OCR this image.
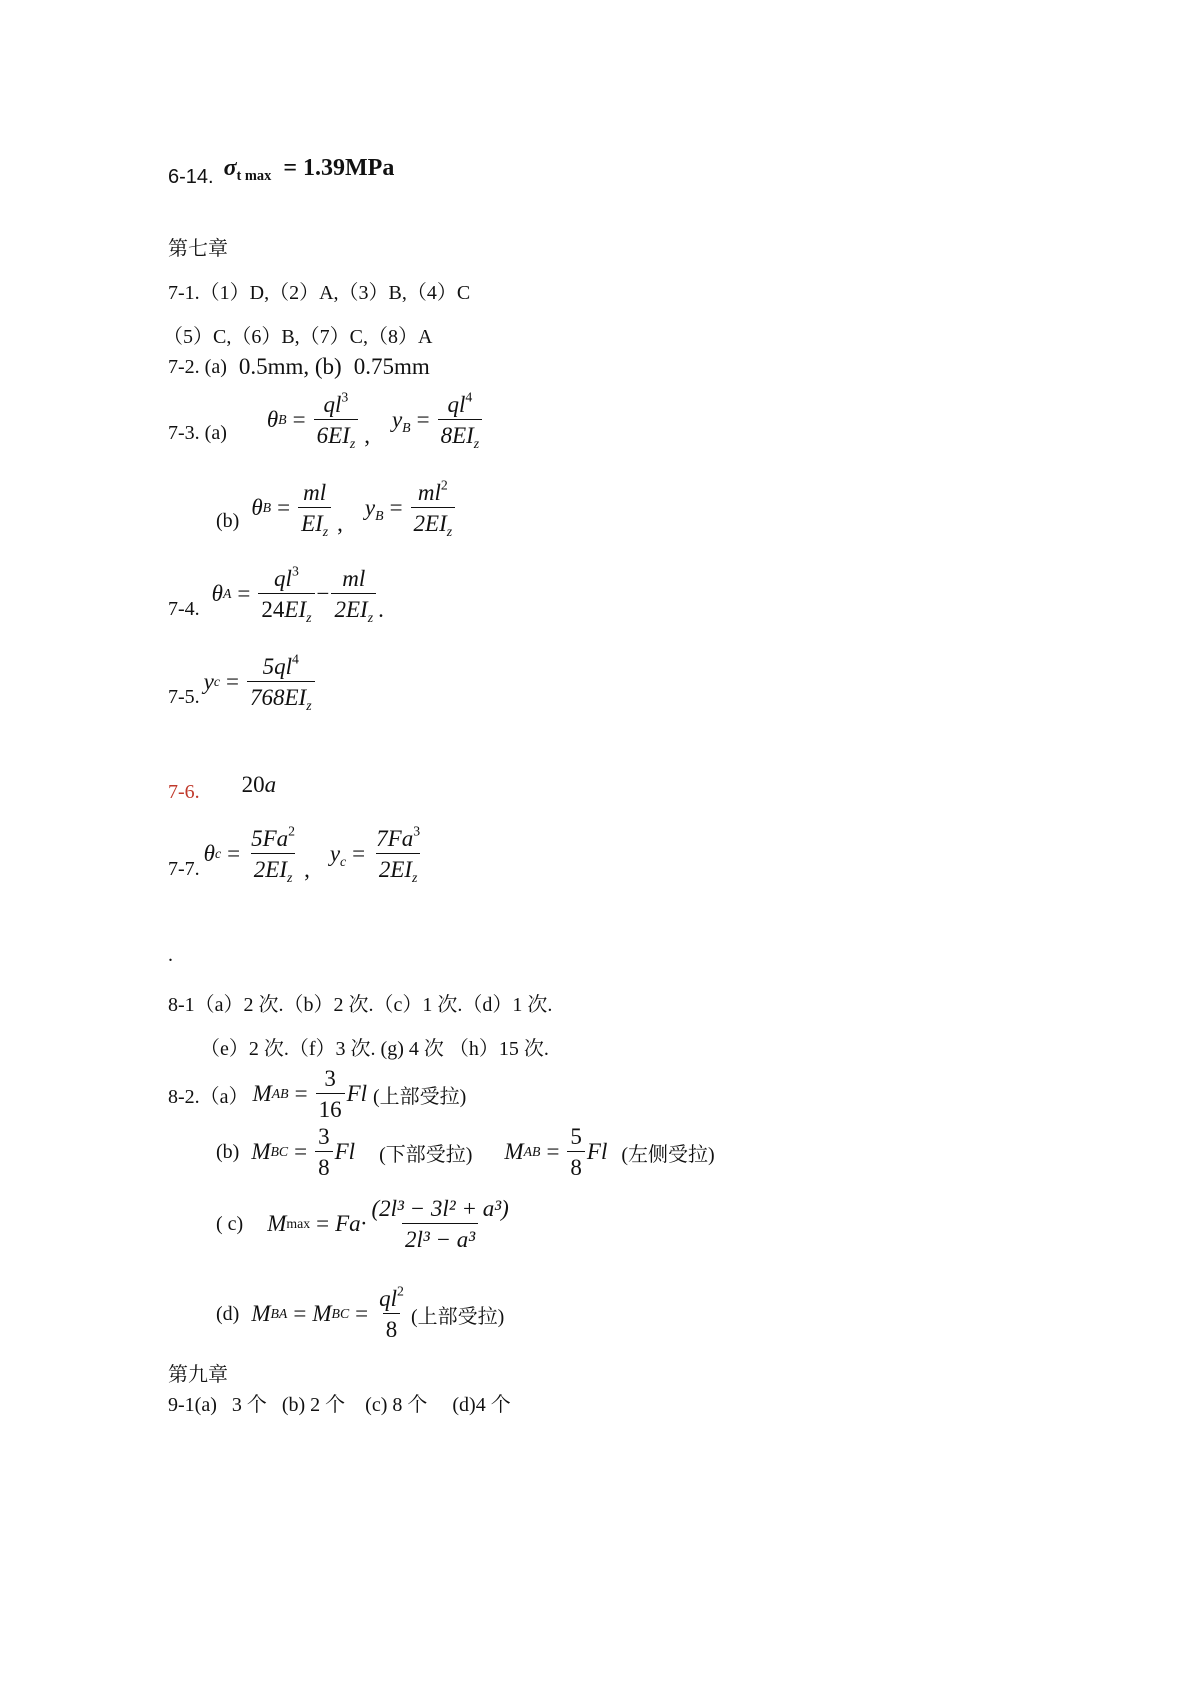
6-14. $\sigma_{t max} = 1.39MPa$
第七章
7-1.（1）D,（2）A,（3）B,（4）C
（5）C,（6）B,（7）C,（8）A
7-2. (a) 0.5mm , (b) 0.75mm
7-3. (a)
θ $B = \frac{ql^3}{6EI_z}$ ,
$y_B = \frac{ql^4}{8EI_z}$
(b)
θ $B = \frac{ml}{EI_z}$ ,
$y_B = \frac{ml^2}{2EI_z}$
7-4.
θ $A = \frac{ql^3}{24EI_z} - \frac{ml}{2EI_z}$ .
7-5.
y $c = \frac{5ql^4}{768EI_z}$
7-6. 20a
7-7.
θ $c = \frac{5Fa^2}{2EI_z}$ ,
$y_c = \frac{7Fa^3}{2EI_z}$
.
8-1（a）2 次.（b）2 次.（c）1 次.（d）1 次.
（e）2 次.（f）3 次. (g) 4 次 （h）15 次.
8-2.（a） M AB = $\frac{3}{16}$ Fl (上部受拉)
(b) M BC = $\frac{3}{8}$ Fl (下部受拉) M AB = $\frac{5}{8}$ Fl (左侧受拉)
( c) M $\max = Fa\cdot \frac{\text{(2l³ − 3l² + a³)}}{\text{2l³ − a³}}$
(d) M BA = M BC = $\frac{ql^2}{8}$ (上部受拉)
第九章
9-1(a)   3 个   (b) 2 个    (c) 8 个     (d)4 个
